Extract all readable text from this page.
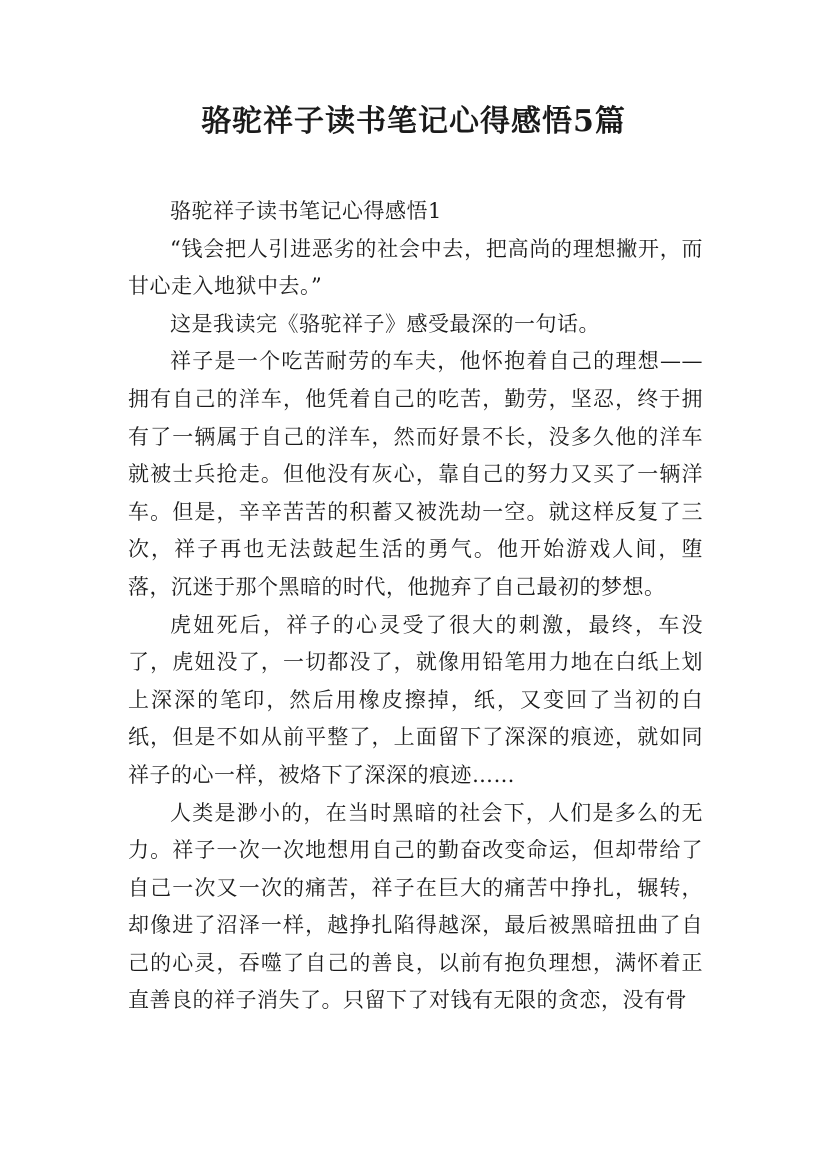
骆驼祥子读书笔记心得感悟5篇

骆驼祥子读书笔记心得感悟1

“钱会把人引进恶劣的社会中去，把高尚的理想撇开，而甘心走入地狱中去。”

这是我读完《骆驼祥子》感受最深的一句话。

祥子是一个吃苦耐劳的车夫，他怀抱着自己的理想——拥有自己的洋车，他凭着自己的吃苦，勤劳，坚忍，终于拥有了一辆属于自己的洋车，然而好景不长，没多久他的洋车就被士兵抢走。但他没有灰心，靠自己的努力又买了一辆洋车。但是，辛辛苦苦的积蓄又被洗劫一空。就这样反复了三次，祥子再也无法鼓起生活的勇气。他开始游戏人间，堕落，沉迷于那个黑暗的时代，他抛弃了自己最初的梦想。

虎妞死后，祥子的心灵受了很大的刺激，最终，车没了，虎妞没了，一切都没了，就像用铅笔用力地在白纸上划上深深的笔印，然后用橡皮擦掉，纸，又变回了当初的白纸，但是不如从前平整了，上面留下了深深的痕迹，就如同祥子的心一样，被烙下了深深的痕迹……

人类是渺小的，在当时黑暗的社会下，人们是多么的无力。祥子一次一次地想用自己的勤奋改变命运，但却带给了自己一次又一次的痛苦，祥子在巨大的痛苦中挣扎，辗转，却像进了沼泽一样，越挣扎陷得越深，最后被黑暗扭曲了自己的心灵，吞噬了自己的善良，以前有抱负理想，满怀着正直善良的祥子消失了。只留下了对钱有无限的贪恋，没有骨
